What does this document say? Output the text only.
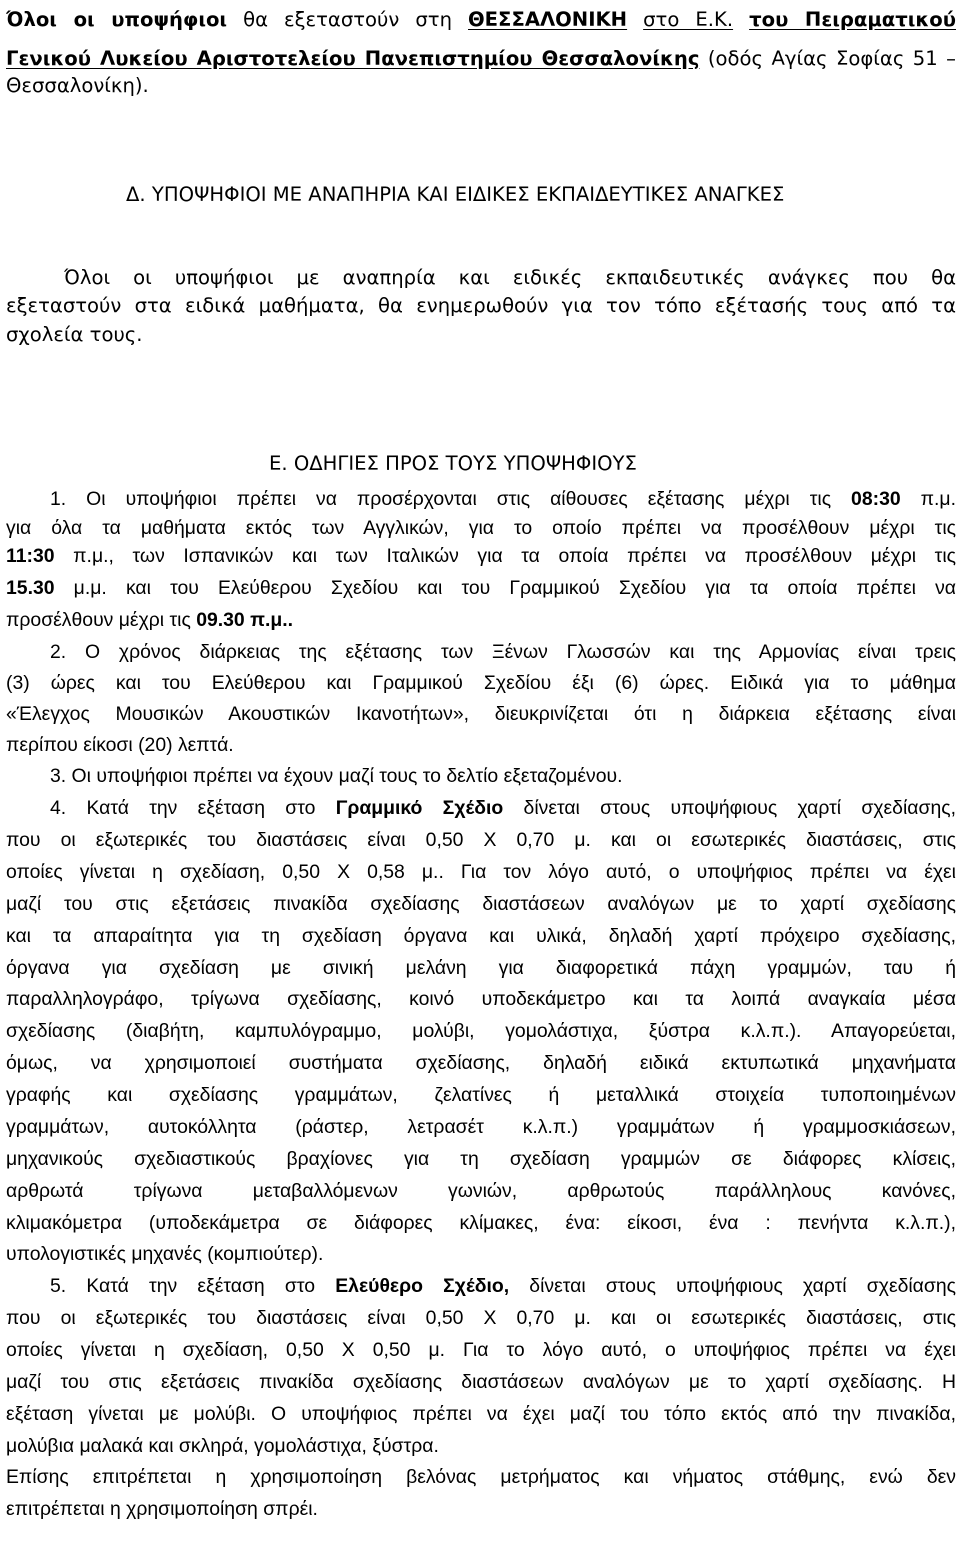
Όλοι οι υποψήφιοι θα εξεταστούν στη ΘΕΣΣΑΛΟΝΙΚΗ στο Ε.Κ. του Πειραματικού
Γενικού Λυκείου Αριστοτελείου Πανεπιστημίου Θεσσαλονίκης (οδός Αγίας Σοφίας 51 –
Θεσσαλονίκη).
Δ. ΥΠΟΨΗΦΙΟΙ ΜΕ ΑΝΑΠΗΡΙΑ ΚΑΙ ΕΙΔΙΚΕΣ ΕΚΠΑΙΔΕΥΤΙΚΕΣ ΑΝΑΓΚΕΣ
Όλοι οι υποψήφιοι με αναπηρία και ειδικές εκπαιδευτικές ανάγκες που θα
εξεταστούν στα ειδικά μαθήματα, θα ενημερωθούν για τον τόπο εξέτασής τους από τα
σχολεία τους.
Ε. ΟΔΗΓΙΕΣ ΠΡΟΣ ΤΟΥΣ ΥΠΟΨΗΦΙΟΥΣ
1. Οι υποψήφιοι πρέπει να προσέρχονται στις αίθουσες εξέτασης μέχρι τις 08:30 π.μ.
για όλα τα μαθήματα εκτός των Αγγλικών, για το οποίο πρέπει να προσέλθουν μέχρι τις
11:30 π.μ., των Ισπανικών και των Ιταλικών για τα οποία πρέπει να προσέλθουν μέχρι τις
15.30 μ.μ. και του Ελεύθερου Σχεδίου και του Γραμμικού Σχεδίου για τα οποία πρέπει να
προσέλθουν μέχρι τις 09.30 π.μ..
2. Ο χρόνος διάρκειας της εξέτασης των Ξένων Γλωσσών και της Αρμονίας είναι τρεις
(3) ώρες και του Ελεύθερου και Γραμμικού Σχεδίου έξι (6) ώρες. Ειδικά για το μάθημα
«Έλεγχος Μουσικών Ακουστικών Ικανοτήτων», διευκρινίζεται ότι η διάρκεια εξέτασης είναι
περίπου είκοσι (20) λεπτά.
3. Οι υποψήφιοι πρέπει να έχουν μαζί τους το δελτίο εξεταζομένου.
4. Κατά την εξέταση στο Γραμμικό Σχέδιο δίνεται στους υποψήφιους χαρτί σχεδίασης,
που οι εξωτερικές του διαστάσεις είναι 0,50 Χ 0,70 μ. και οι εσωτερικές διαστάσεις, στις
οποίες γίνεται η σχεδίαση, 0,50 Χ 0,58 μ.. Για τον λόγο αυτό, ο υποψήφιος πρέπει να έχει
μαζί του στις εξετάσεις πινακίδα σχεδίασης διαστάσεων αναλόγων με το χαρτί σχεδίασης
και τα απαραίτητα για τη σχεδίαση όργανα και υλικά, δηλαδή χαρτί πρόχειρο σχεδίασης,
όργανα για σχεδίαση με σινική μελάνη για διαφορετικά πάχη γραμμών, ταυ ή
παραλληλογράφο, τρίγωνα σχεδίασης, κοινό υποδεκάμετρο και τα λοιπά αναγκαία μέσα
σχεδίασης (διαβήτη, καμπυλόγραμμο, μολύβι, γομολάστιχα, ξύστρα κ.λ.π.). Απαγορεύεται,
όμως, να χρησιμοποιεί συστήματα σχεδίασης, δηλαδή ειδικά εκτυπωτικά μηχανήματα
γραφής και σχεδίασης γραμμάτων, ζελατίνες ή μεταλλικά στοιχεία τυποποιημένων
γραμμάτων, αυτοκόλλητα (ράστερ, λετρασέτ κ.λ.π.) γραμμάτων ή γραμμοσκιάσεων,
μηχανικούς σχεδιαστικούς βραχίονες για τη σχεδίαση γραμμών σε διάφορες κλίσεις,
αρθρωτά τρίγωνα μεταβαλλόμενων γωνιών, αρθρωτούς παράλληλους κανόνες,
κλιμακόμετρα (υποδεκάμετρα σε διάφορες κλίμακες, ένα: είκοσι, ένα : πενήντα κ.λ.π.),
υπολογιστικές μηχανές (κομπιούτερ).
5. Κατά την εξέταση στο Ελεύθερο Σχέδιο, δίνεται στους υποψήφιους χαρτί σχεδίασης
που οι εξωτερικές του διαστάσεις είναι 0,50 Χ 0,70 μ. και οι εσωτερικές διαστάσεις, στις
οποίες γίνεται η σχεδίαση, 0,50 Χ 0,50 μ. Για το λόγο αυτό, ο υποψήφιος πρέπει να έχει
μαζί του στις εξετάσεις πινακίδα σχεδίασης διαστάσεων αναλόγων με το χαρτί σχεδίασης. Η
εξέταση γίνεται με μολύβι. Ο υποψήφιος πρέπει να έχει μαζί του τόπο εκτός από την πινακίδα,
μολύβια μαλακά και σκληρά, γομολάστιχα, ξύστρα.
Επίσης επιτρέπεται η χρησιμοποίηση βελόνας μετρήματος και νήματος στάθμης, ενώ δεν
επιτρέπεται η χρησιμοποίηση σπρέι.
